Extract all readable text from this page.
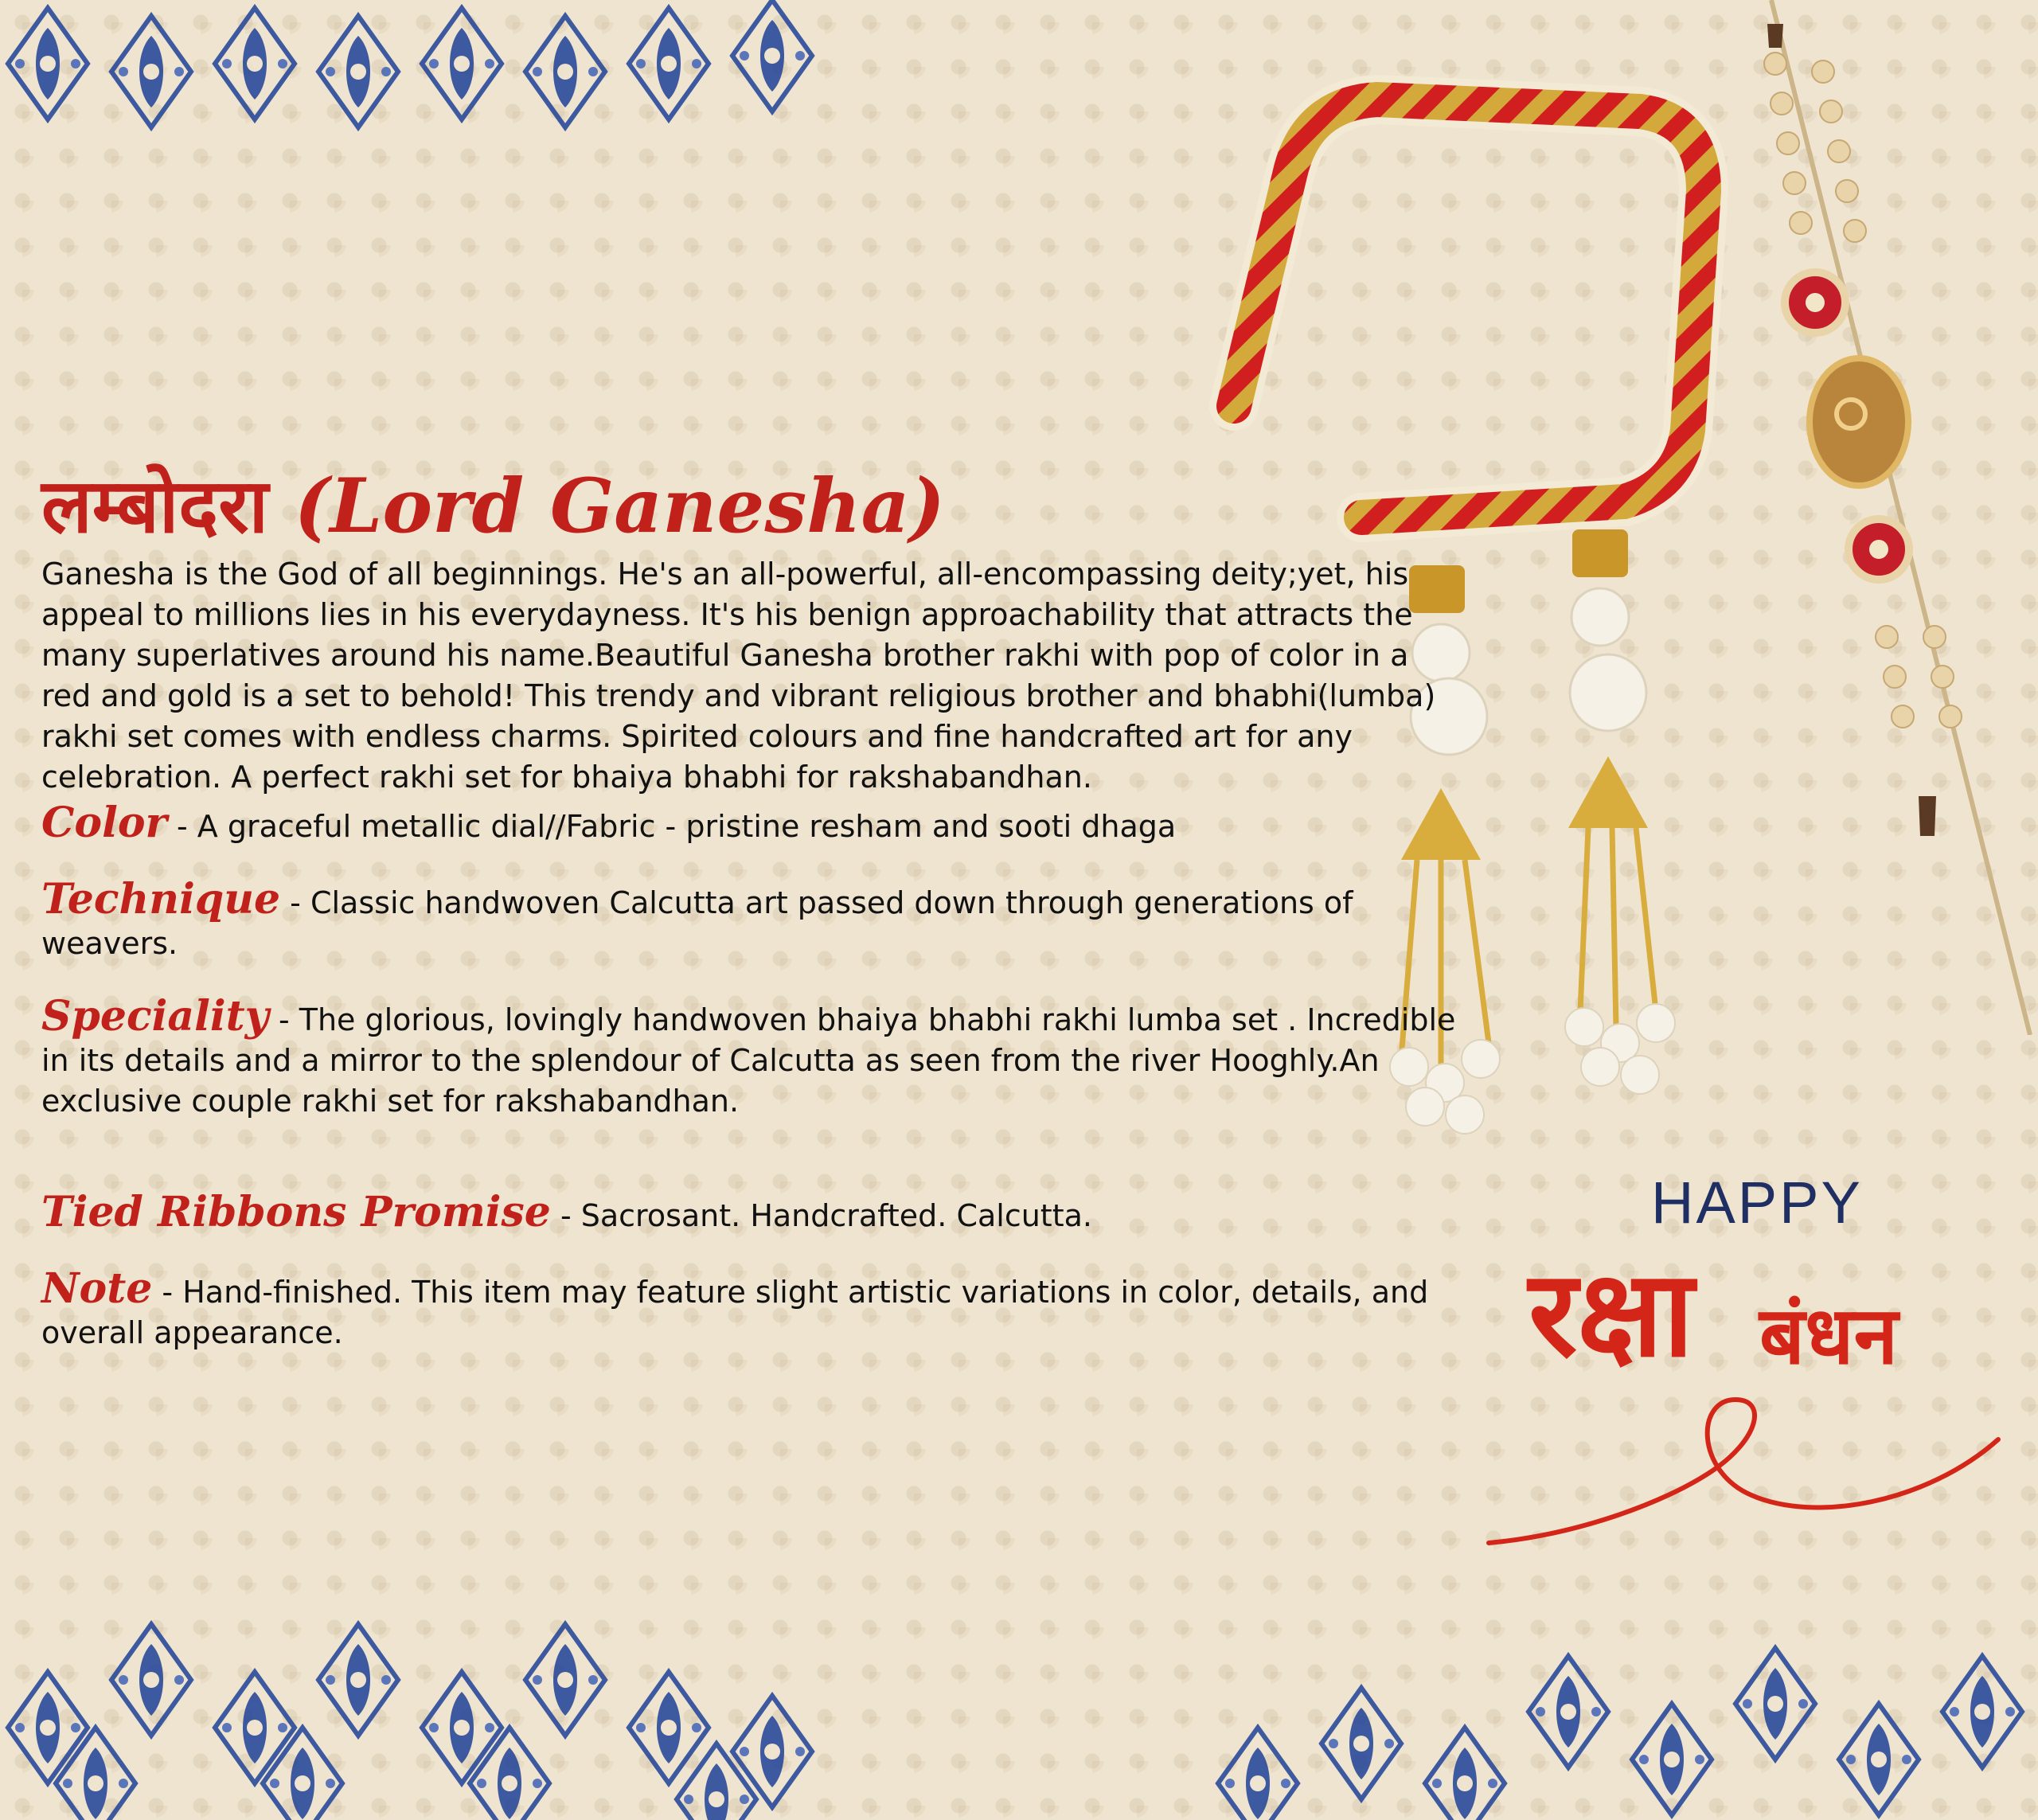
लम्बोदरा (Lord Ganesha)

Ganesha is the God of all beginnings. He's an all-powerful, all-encompassing deity;yet, his appeal to millions lies in his everydayness. It's his benign approachability that attracts the many superlatives around his name.Beautiful Ganesha brother rakhi with pop of color in a red and gold is a set to behold! This trendy and vibrant religious brother and bhabhi(lumba) rakhi set comes with endless charms. Spirited colours and fine handcrafted art for any celebration. A perfect rakhi set for bhaiya bhabhi for rakshabandhan.

Color - A graceful metallic dial//Fabric - pristine resham and sooti dhaga

Technique - Classic handwoven Calcutta art passed down through generations of weavers.

Speciality - The glorious, lovingly handwoven bhaiya bhabhi rakhi lumba set . Incredible in its details and a mirror to the splendour of Calcutta as seen from the river Hooghly.An exclusive couple rakhi set for rakshabandhan.

Tied Ribbons Promise - Sacrosant. Handcrafted. Calcutta.

Note - Hand-finished. This item may feature slight artistic variations in color, details, and overall appearance.

HAPPY
रक्षा बंधन
